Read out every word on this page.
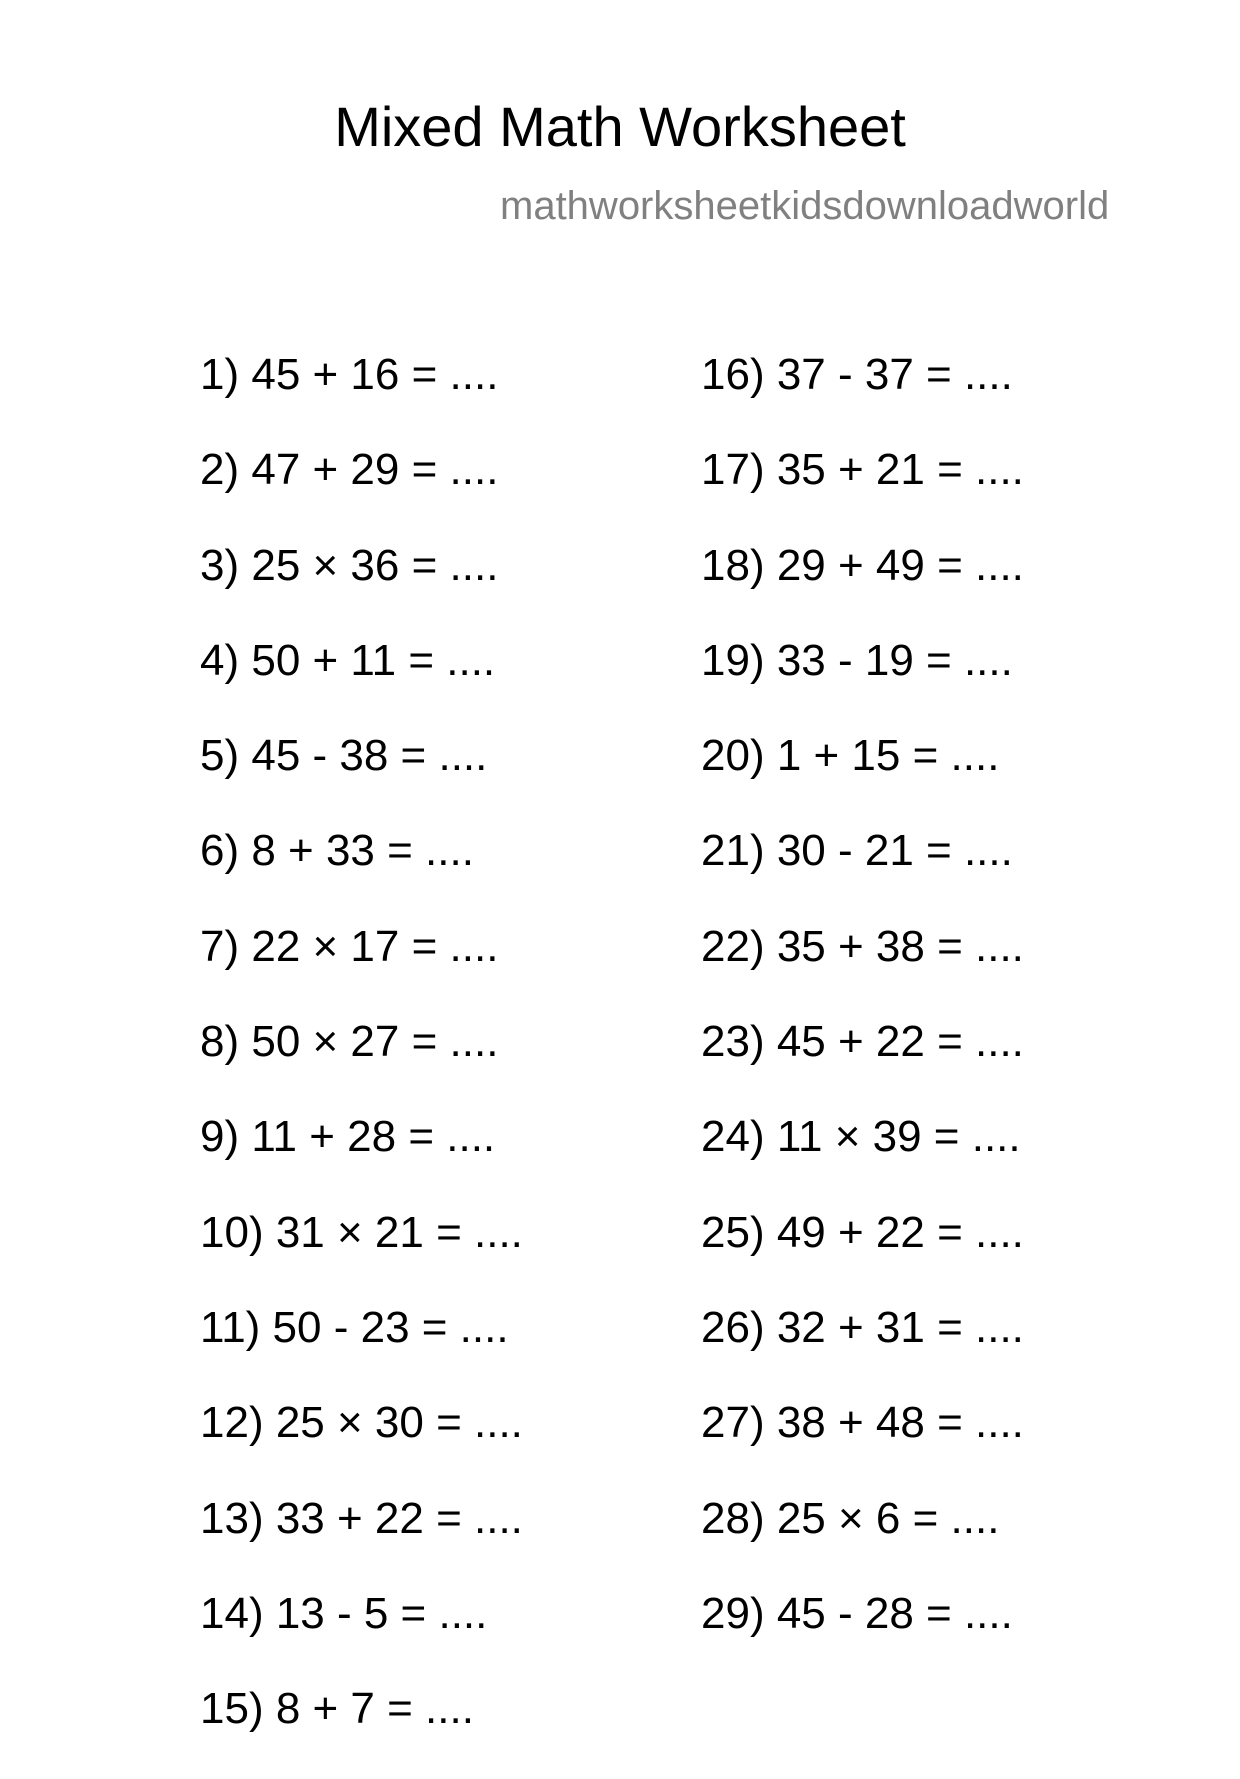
Mixed Math Worksheet
mathworksheetkidsdownloadworld
1) 45 + 16 = ....
2) 47 + 29 = ....
3) 25 × 36 = ....
4) 50 + 11 = ....
5) 45 - 38 = ....
6) 8 + 33 = ....
7) 22 × 17 = ....
8) 50 × 27 = ....
9) 11 + 28 = ....
10) 31 × 21 = ....
11) 50 - 23 = ....
12) 25 × 30 = ....
13) 33 + 22 = ....
14) 13 - 5 = ....
15) 8 + 7 = ....
16) 37 - 37 = ....
17) 35 + 21 = ....
18) 29 + 49 = ....
19) 33 - 19 = ....
20) 1 + 15 = ....
21) 30 - 21 = ....
22) 35 + 38 = ....
23) 45 + 22 = ....
24) 11 × 39 = ....
25) 49 + 22 = ....
26) 32 + 31 = ....
27) 38 + 48 = ....
28) 25 × 6 = ....
29) 45 - 28 = ....
